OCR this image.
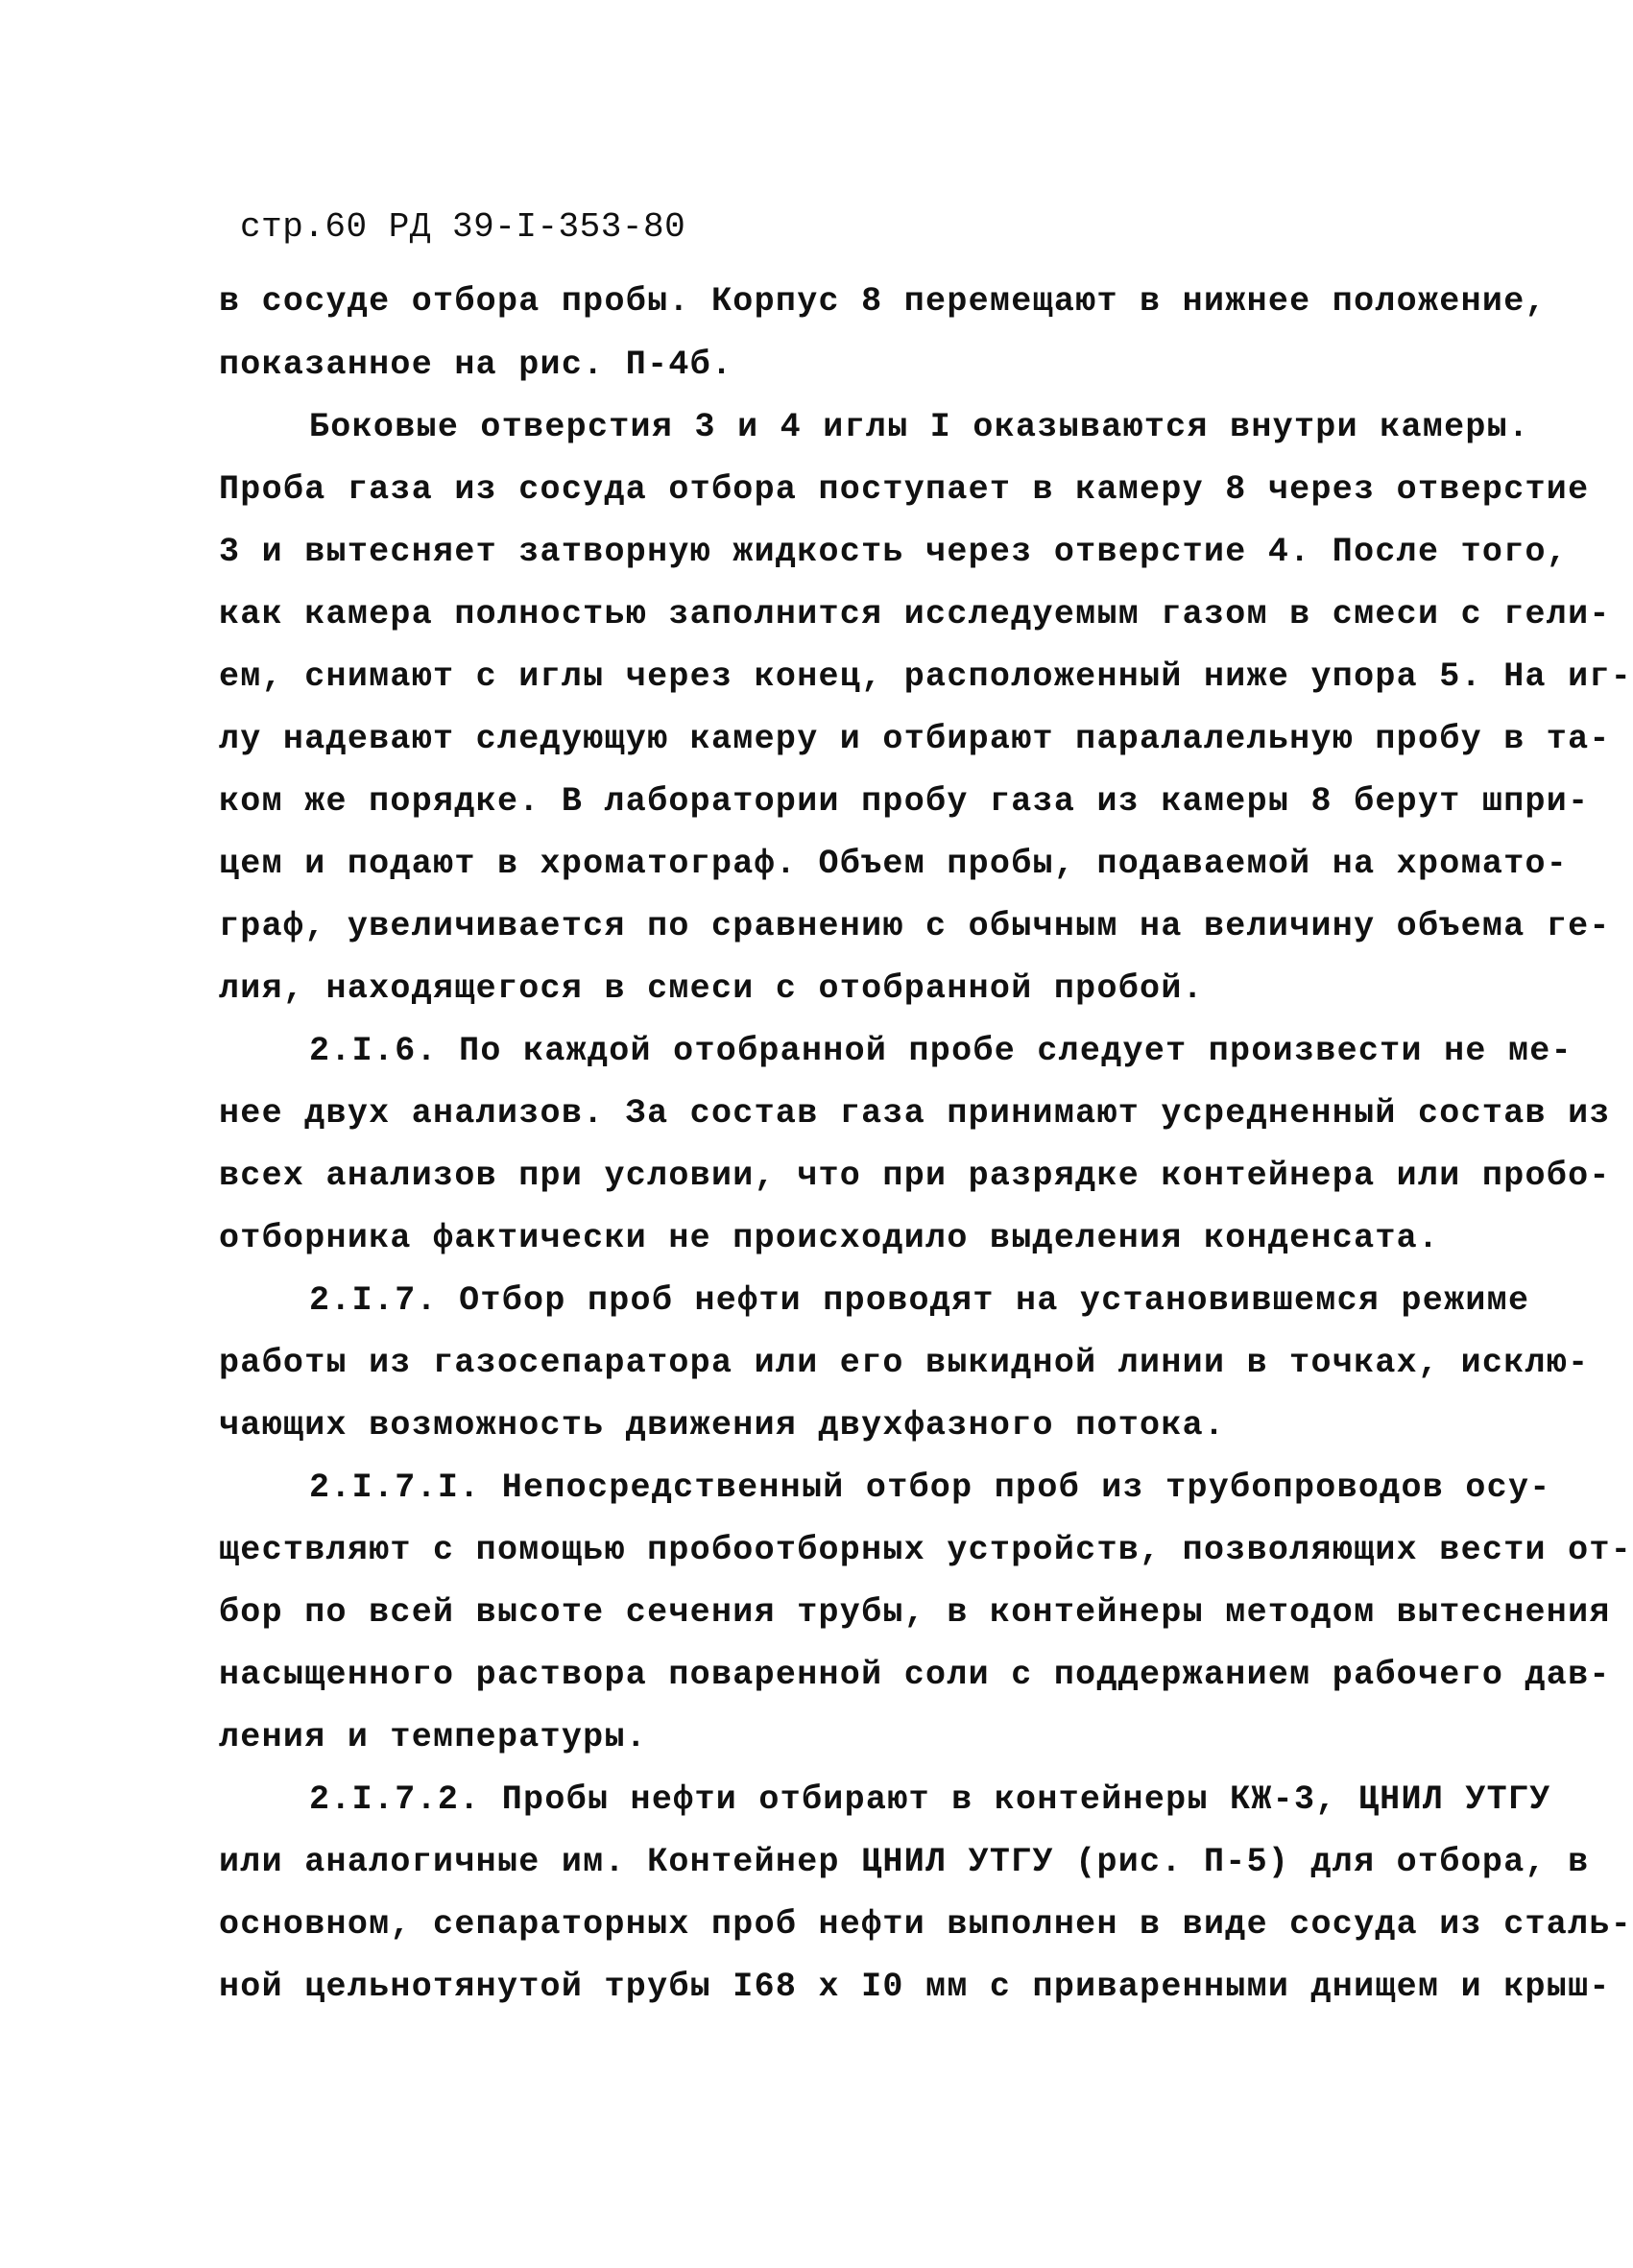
стр.60 РД 39-I-353-80
в сосуде отбора пробы. Корпус 8 перемещают в нижнее положение,
показанное на рис. П-4б.
Боковые отверстия 3 и 4 иглы I оказываются внутри камеры.
Проба газа из сосуда отбора поступает в камеру 8 через отверстие
3 и вытесняет затворную жидкость через отверстие 4. После того,
как камера полностью заполнится исследуемым газом в смеси с гели-
ем, снимают с иглы через конец, расположенный ниже упора 5. На иг-
лу надевают следующую камеру и отбирают паралалельную пробу в та-
ком же порядке. В лаборатории пробу газа из камеры 8 берут шпри-
цем и подают в хроматограф. Объем пробы, подаваемой на хромато-
граф, увеличивается по сравнению с обычным на величину объема ге-
лия, находящегося в смеси с отобранной пробой.
2.I.6. По каждой отобранной пробе следует произвести не ме-
нее двух анализов. За состав газа принимают усредненный состав из
всех анализов при условии, что при разрядке контейнера или пробо-
отборника фактически не происходило выделения конденсата.
2.I.7. Отбор проб нефти проводят на установившемся режиме
работы из газосепаратора или его выкидной линии в точках, исклю-
чающих возможность движения двухфазного потока.
2.I.7.I. Непосредственный отбор проб из трубопроводов осу-
ществляют с помощью пробоотборных устройств, позволяющих вести от-
бор по всей высоте сечения трубы, в контейнеры методом вытеснения
насыщенного раствора поваренной соли с поддержанием рабочего дав-
ления и температуры.
2.I.7.2. Пробы нефти отбирают в контейнеры КЖ-3, ЦНИЛ УТГУ
или аналогичные им. Контейнер ЦНИЛ УТГУ (рис. П-5) для отбора, в
основном, сепараторных проб нефти выполнен в виде сосуда из сталь-
ной цельнотянутой трубы I68 х I0 мм с приваренными днищем и крыш-
